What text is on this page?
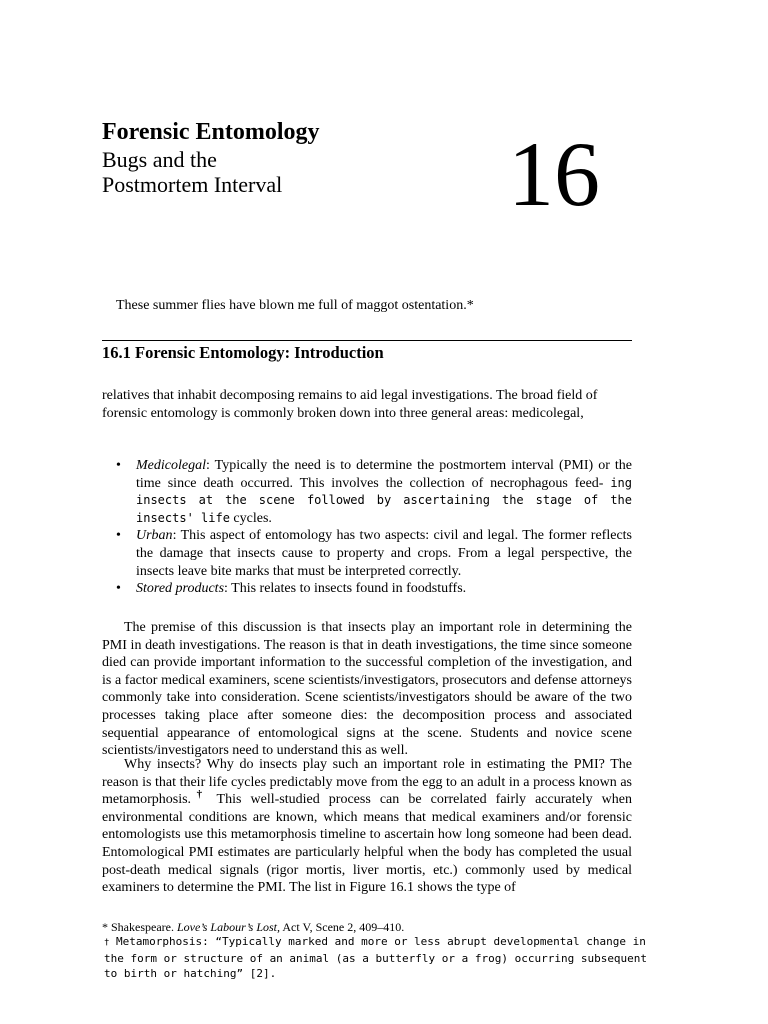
Forensic Entomology
Bugs and the
Postmortem Interval 16
These summer flies have blown me full of maggot ostentation.*
16.1 Forensic Entomology: Introduction
relatives that inhabit decomposing remains to aid legal investigations. The broad field of
forensic entomology is commonly broken down into three general areas: medicolegal,
• Medicolegal: Typically the need is to determine the postmortem interval (PMI) or the time since death occurred. This involves the collection of necrophagous feed- ing insects at the scene followed by ascertaining the stage of the insects' life cycles.
• Urban: This aspect of entomology has two aspects: civil and legal. The former reflects the damage that insects cause to property and crops. From a legal perspective, the insects leave bite marks that must be interpreted correctly.
• Stored products: This relates to insects found in foodstuffs.
The premise of this discussion is that insects play an important role in determining the PMI in death investigations. The reason is that in death investigations, the time since someone died can provide important information to the successful completion of the investigation, and is a factor medical examiners, scene scientists/investigators, prosecutors and defense attorneys commonly take into consideration. Scene scientists/investigators should be aware of the two processes taking place after someone dies: the decomposition process and associated sequential appearance of entomological signs at the scene. Students and novice scene scientists/investigators need to understand this as well.
Why insects? Why do insects play such an important role in estimating the PMI? The reason is that their life cycles predictably move from the egg to an adult in a process known as metamorphosis.† This well-studied process can be correlated fairly accurately when environmental conditions are known, which means that medical examiners and/or forensic entomologists use this metamorphosis timeline to ascertain how long someone had been dead. Entomological PMI estimates are particularly helpful when the body has completed the usual post-death medical signals (rigor mortis, liver mortis, etc.) commonly used by medical examiners to determine the PMI. The list in Figure 16.1 shows the type of
* Shakespeare. Love’s Labour’s Lost, Act V, Scene 2, 409–410.
† Metamorphosis: “Typically marked and more or less abrupt developmental change in the form or structure of an animal (as a butterfly or a frog) occurring subsequent to birth or hatching” [2].
